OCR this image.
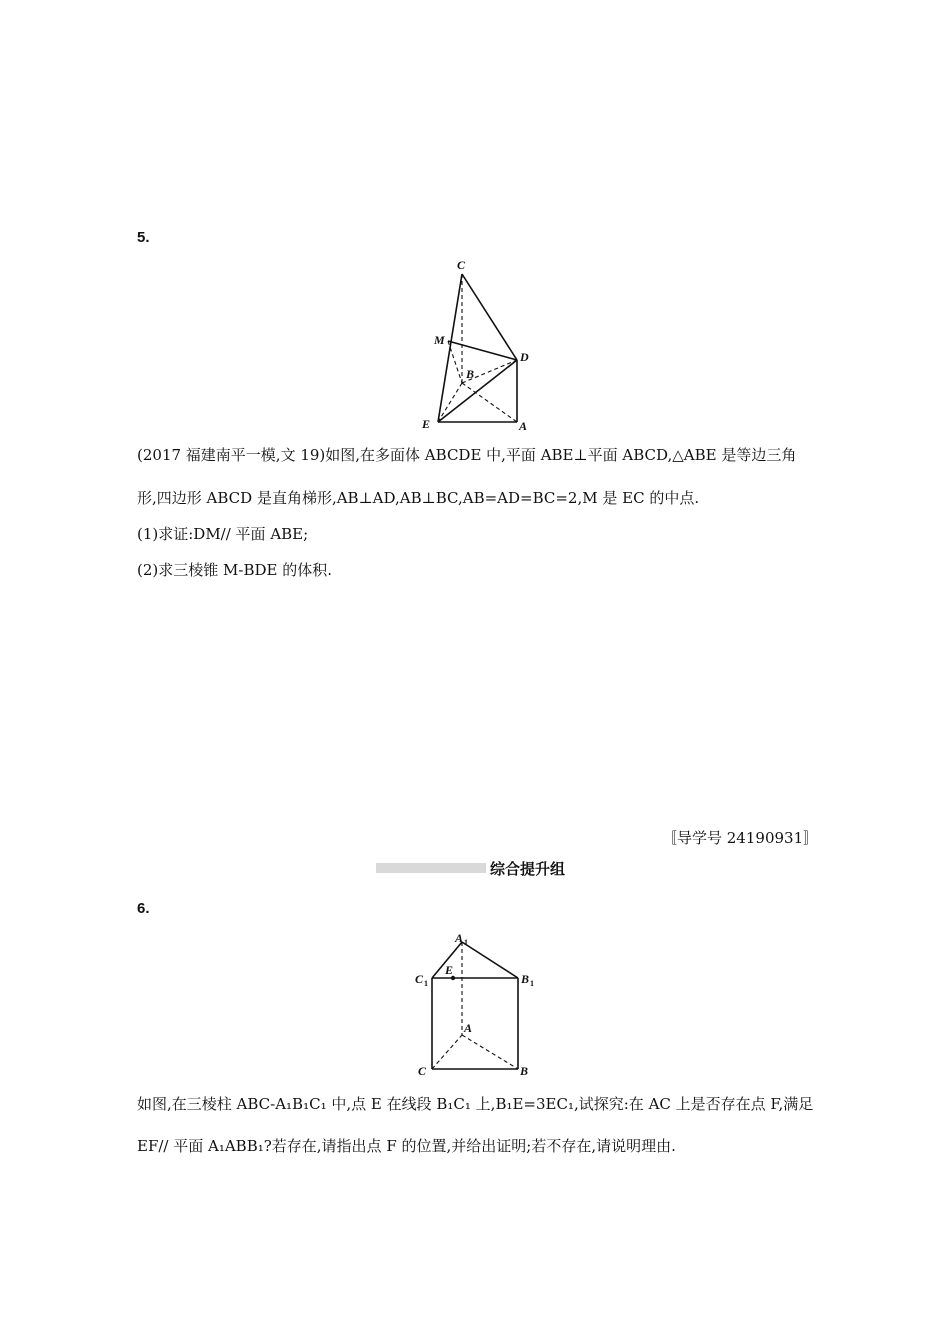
5.
C
M
D
B
E	A
(2017 福建南平一模,文 19)如图,在多面体 ABCDE 中,平面 ABE⊥平面 ABCD,△ABE 是等边三角
形,四边形 ABCD 是直角梯形,AB⊥AD,AB⊥BC,AB=AD=BC=2,M 是 EC 的中点.
(1)求证:DM// 平面 ABE;
(2)求三棱锥 M-BDE 的体积.
〚导学号 24190931〛
综合提升组
6.
A 1
C 1
E
B 1
A
C	B
如图,在三棱柱 ABC-A₁B₁C₁ 中,点 E 在线段 B₁C₁ 上,B₁E=3EC₁,试探究:在 AC 上是否存在点 F,满足
EF// 平面 A₁ABB₁?若存在,请指出点 F 的位置,并给出证明;若不存在,请说明理由.
